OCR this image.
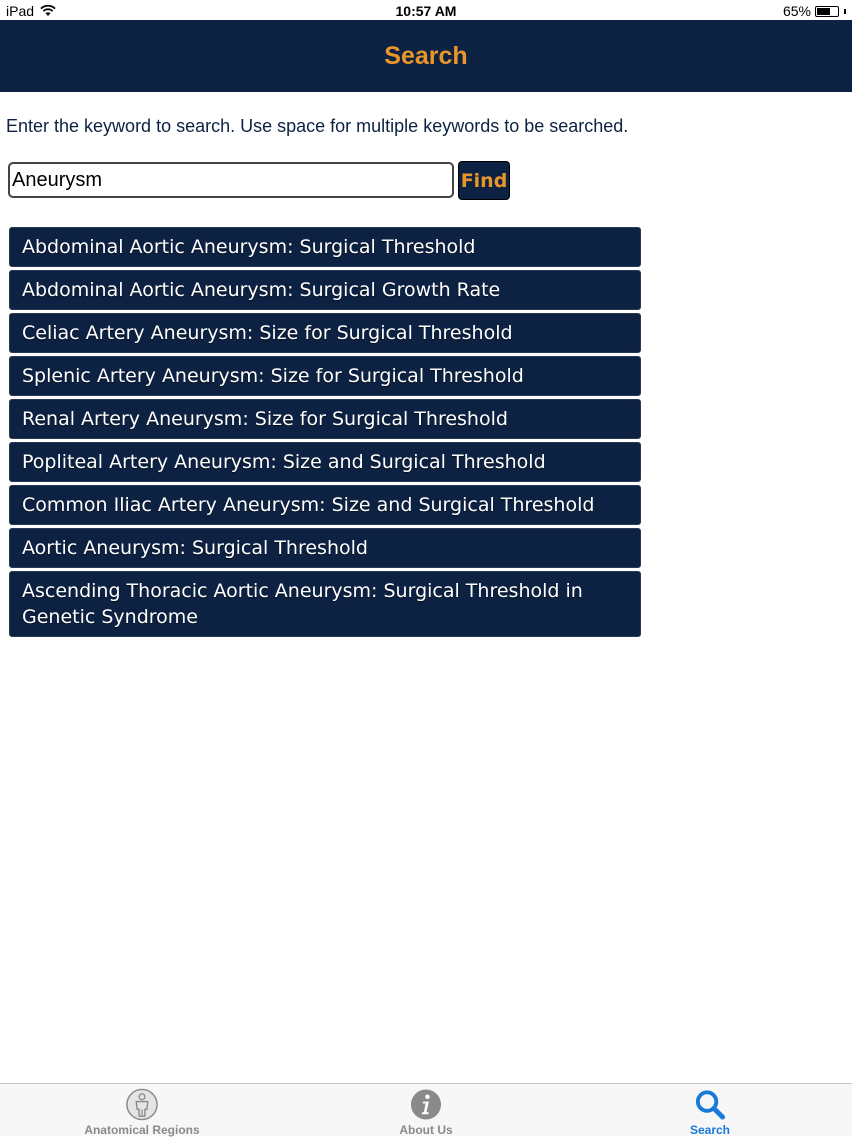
iPad	10:57 AM	65%
Search
Enter the keyword to search. Use space for multiple keywords to be searched.
Aneurysm
Find
Abdominal Aortic Aneurysm: Surgical Threshold
Abdominal Aortic Aneurysm: Surgical Growth Rate
Celiac Artery Aneurysm: Size for Surgical Threshold
Splenic Artery Aneurysm: Size for Surgical Threshold
Renal Artery Aneurysm: Size for Surgical Threshold
Popliteal Artery Aneurysm: Size and Surgical Threshold
Common Iliac Artery Aneurysm: Size and Surgical Threshold
Aortic Aneurysm: Surgical Threshold
Ascending Thoracic Aortic Aneurysm: Surgical Threshold in Genetic Syndrome
Anatomical Regions	About Us	Search
